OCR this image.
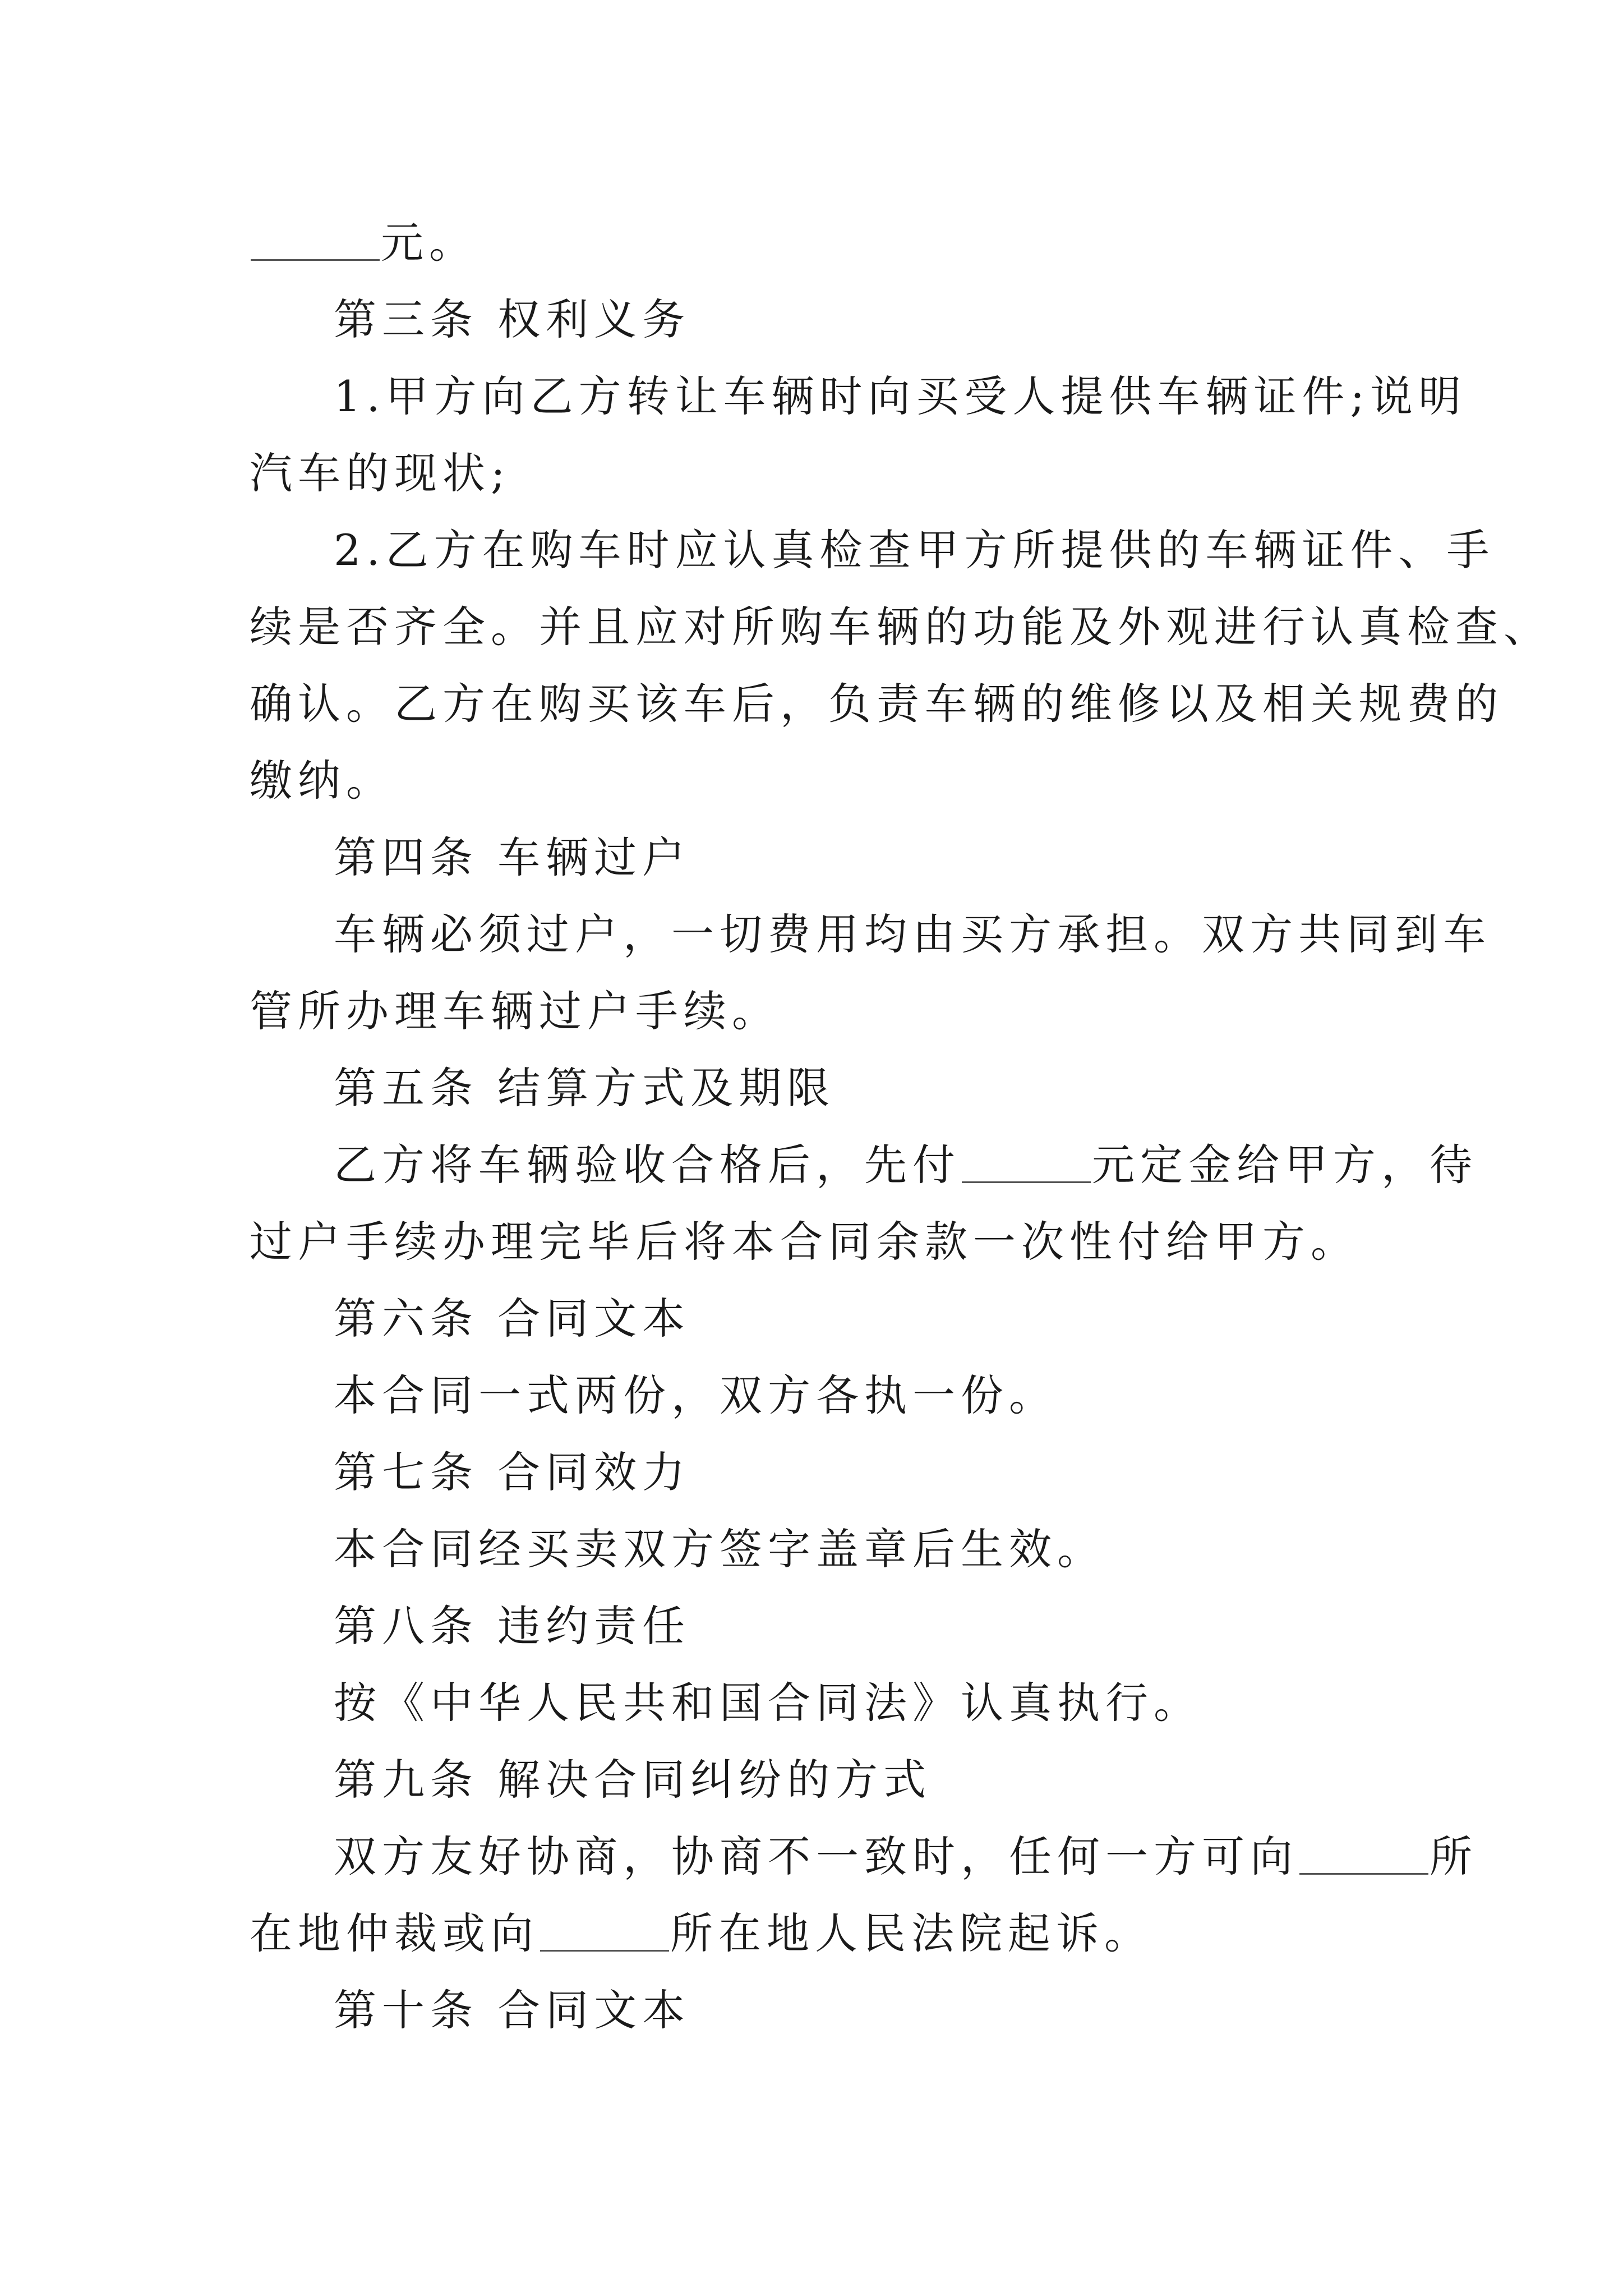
元。
第三条 权利义务
1.甲方向乙方转让车辆时向买受人提供车辆证件;说明
汽车的现状;
2.乙方在购车时应认真检查甲方所提供的车辆证件、手
续是否齐全。并且应对所购车辆的功能及外观进行认真检查、
确认。乙方在购买该车后，负责车辆的维修以及相关规费的
缴纳。
第四条 车辆过户
车辆必须过户，一切费用均由买方承担。双方共同到车
管所办理车辆过户手续。
第五条 结算方式及期限
乙方将车辆验收合格后，先付	元定金给甲方，待
过户手续办理完毕后将本合同余款一次性付给甲方。
第六条 合同文本
本合同一式两份，双方各执一份。
第七条 合同效力
本合同经买卖双方签字盖章后生效。
第八条 违约责任
按《中华人民共和国合同法》认真执行。
第九条 解决合同纠纷的方式
双方友好协商，协商不一致时，任何一方可向	所
在地仲裁或向	所在地人民法院起诉。
第十条 合同文本
